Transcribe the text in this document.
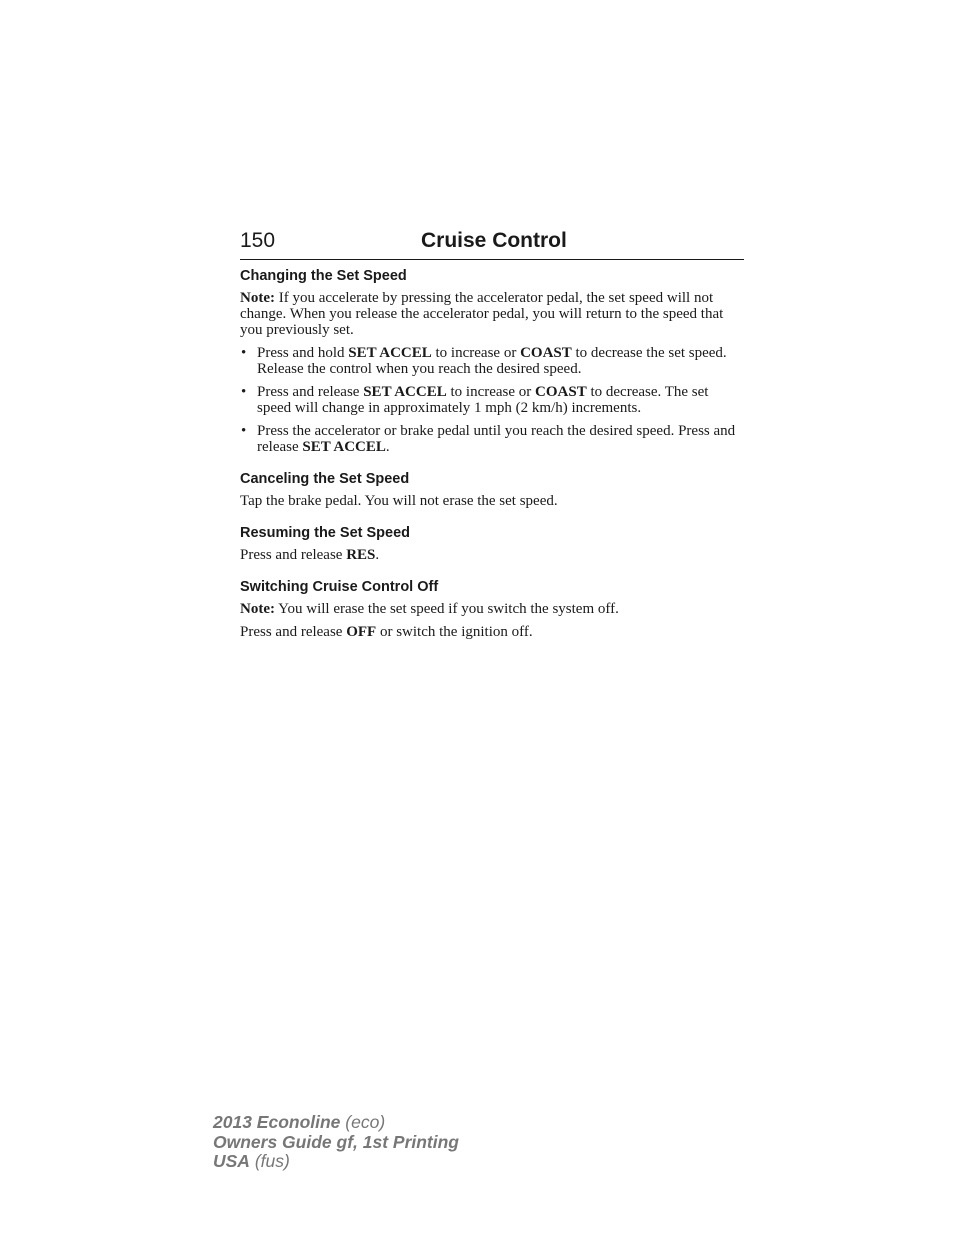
150	Cruise Control
Changing the Set Speed

Note: If you accelerate by pressing the accelerator pedal, the set speed will not change. When you release the accelerator pedal, you will return to the speed that you previously set.

• Press and hold SET ACCEL to increase or COAST to decrease the set speed. Release the control when you reach the desired speed.
• Press and release SET ACCEL to increase or COAST to decrease. The set speed will change in approximately 1 mph (2 km/h) increments.
• Press the accelerator or brake pedal until you reach the desired speed. Press and release SET ACCEL.
Canceling the Set Speed

Tap the brake pedal. You will not erase the set speed.

Resuming the Set Speed

Press and release RES.

Switching Cruise Control Off

Note: You will erase the set speed if you switch the system off.

Press and release OFF or switch the ignition off.

2013 Econoline (eco)
Owners Guide gf, 1st Printing
USA (fus)
